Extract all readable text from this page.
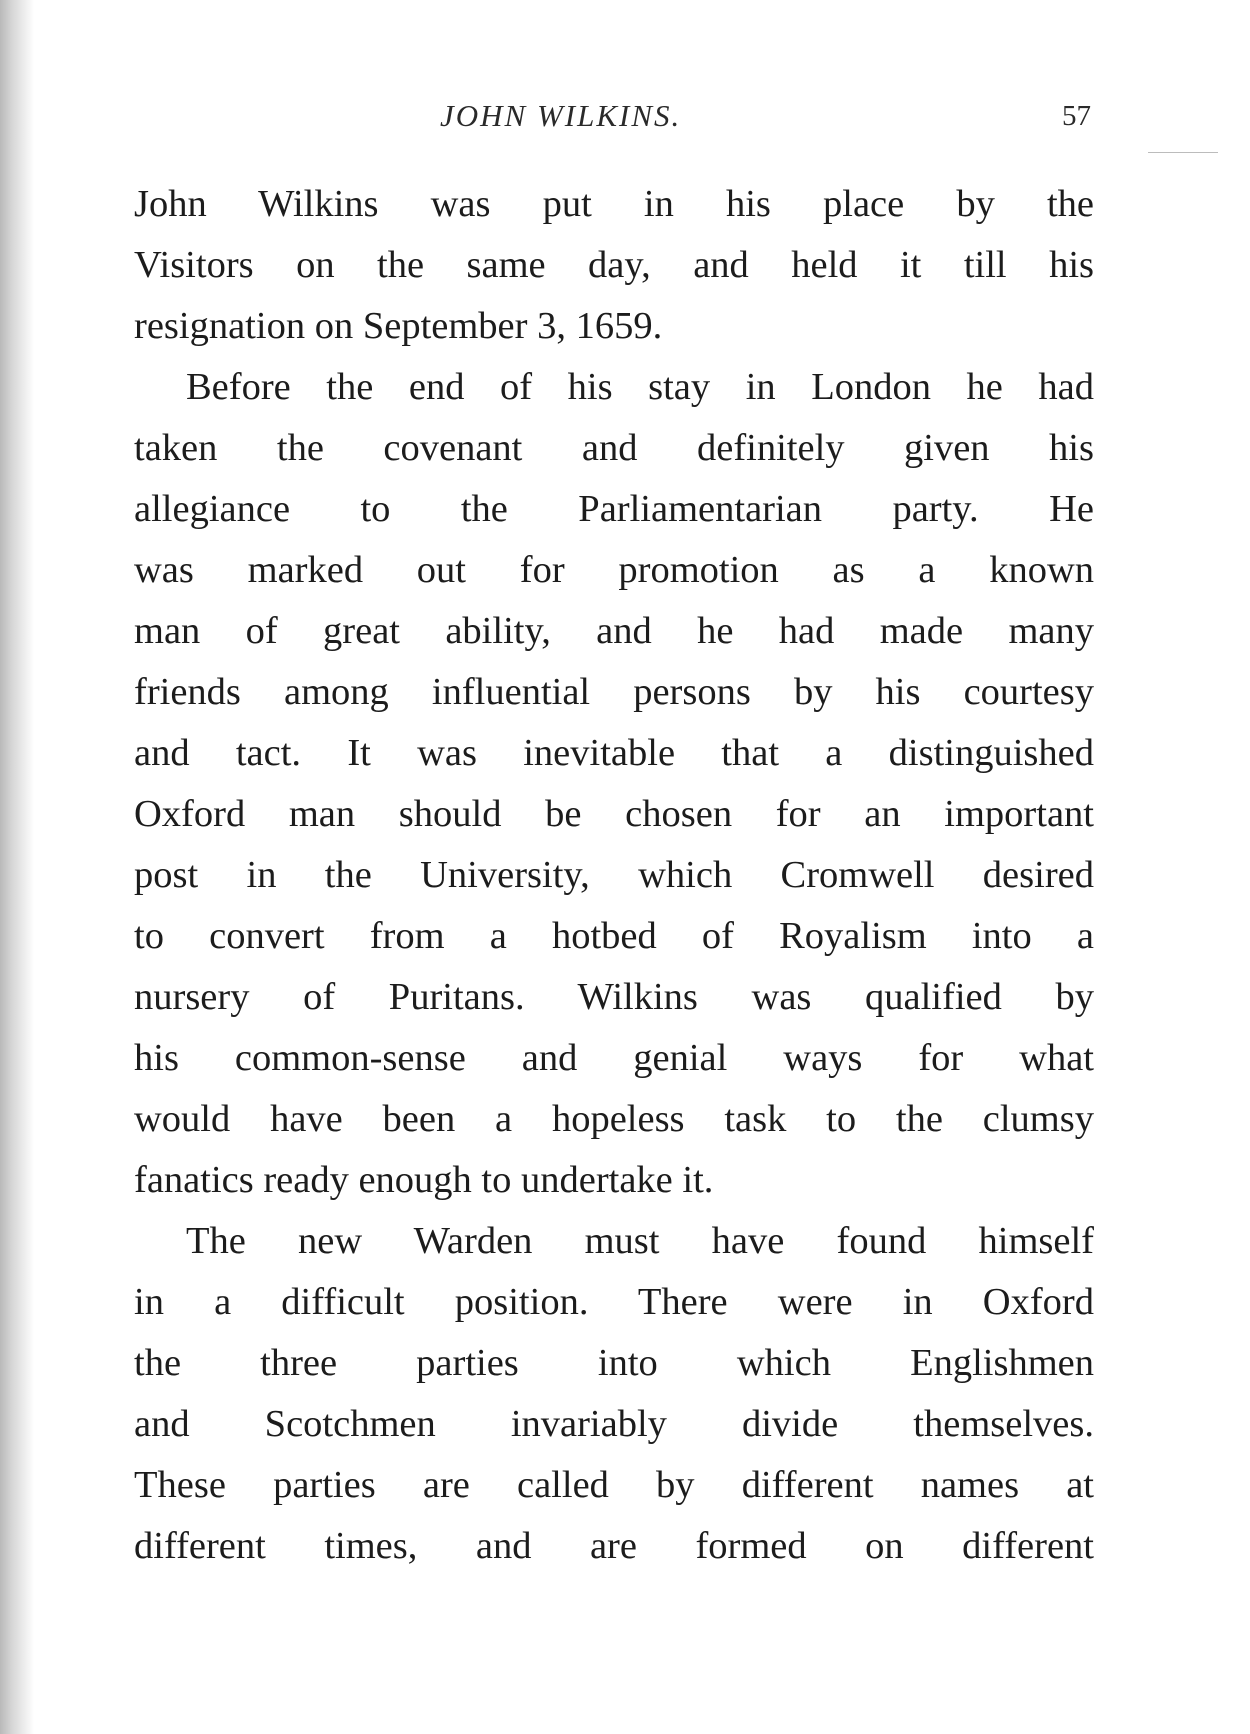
JOHN WILKINS.	57
John Wilkins was put in his place by the
Visitors on the same day, and held it till his
resignation on September 3, 1659.
Before the end of his stay in London he had
taken the covenant and definitely given his
allegiance to the Parliamentarian party. He
was marked out for promotion as a known
man of great ability, and he had made many
friends among influential persons by his courtesy
and tact. It was inevitable that a distinguished
Oxford man should be chosen for an important
post in the University, which Cromwell desired
to convert from a hotbed of Royalism into a
nursery of Puritans. Wilkins was qualified by
his common-sense and genial ways for what
would have been a hopeless task to the clumsy
fanatics ready enough to undertake it.
The new Warden must have found himself
in a difficult position. There were in Oxford
the three parties into which Englishmen
and Scotchmen invariably divide themselves.
These parties are called by different names at
different times, and are formed on different
